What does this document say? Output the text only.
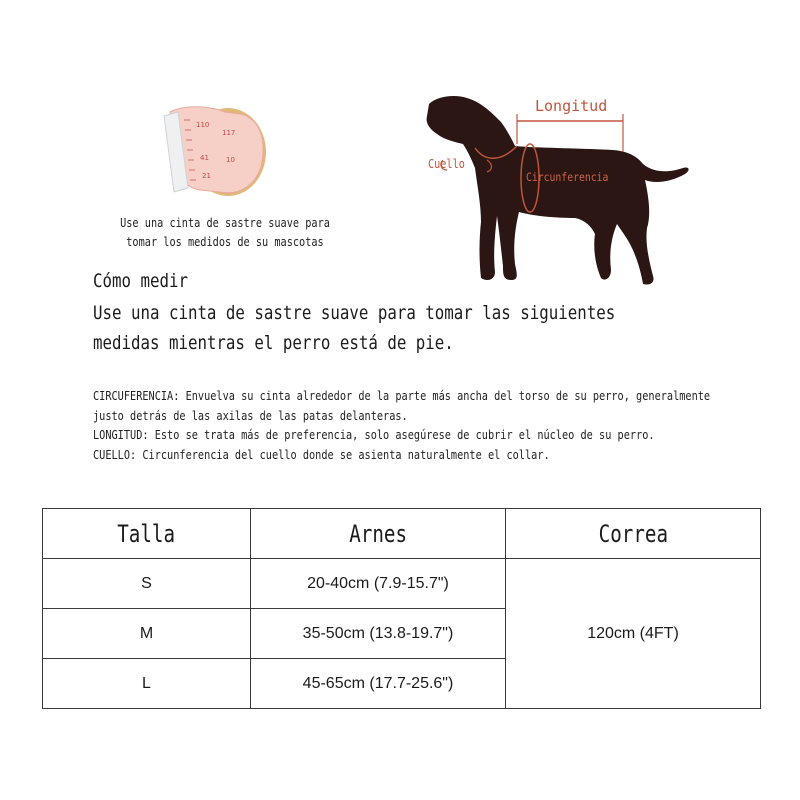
110
117
41 10
21
Use una cinta de sastre suave para tomar los medidos de su mascotas
Longitud
Cuello
Circunferencia
Cómo medir
Use una cinta de sastre suave para tomar las siguientes medidas mientras el perro está de pie.

CIRCUFERENCIA: Envuelva su cinta alrededor de la parte más ancha del torso de su perro, generalmente justo detrás de las axilas de las patas delanteras.

LONGITUD: Esto se trata más de preferencia, solo asegúrese de cubrir el núcleo de su perro.

CUELLO: Circunferencia del cuello donde se asienta naturalmente el collar.

Talla	Arnes	Correa
S	20-40cm (7.9-15.7")	120cm (4FT)
M	35-50cm (13.8-19.7")	
L	45-65cm (17.7-25.6")	
